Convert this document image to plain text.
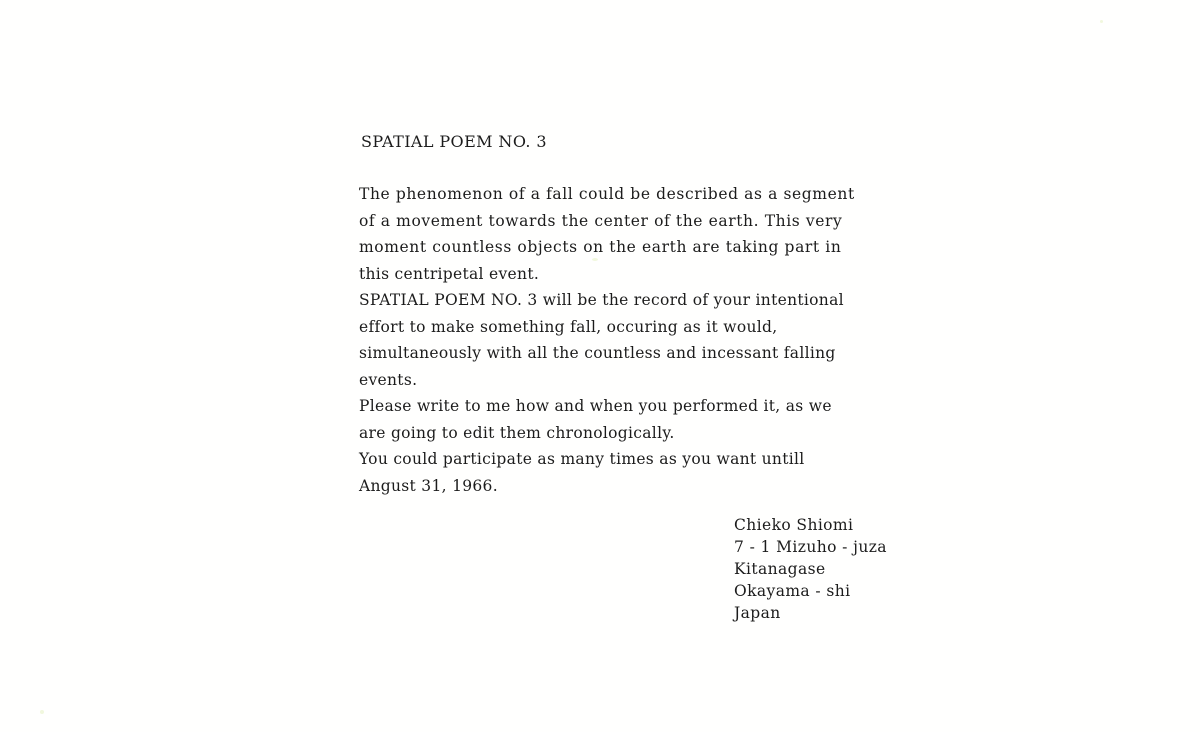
SPATIAL POEM NO. 3
The phenomenon of a fall could be described as a segment
of a movement towards the center of the earth. This very
moment countless objects on the earth are taking part in
this centripetal event.
SPATIAL POEM NO. 3 will be the record of your intentional
effort to make something fall, occuring as it would,
simultaneously with all the countless and incessant falling
events.
Please write to me how and when you performed it, as we
are going to edit them chronologically.
You could participate as many times as you want untill
Angust 31, 1966.
Chieko Shiomi
7 - 1 Mizuho - juza
Kitanagase
Okayama - shi
Japan
